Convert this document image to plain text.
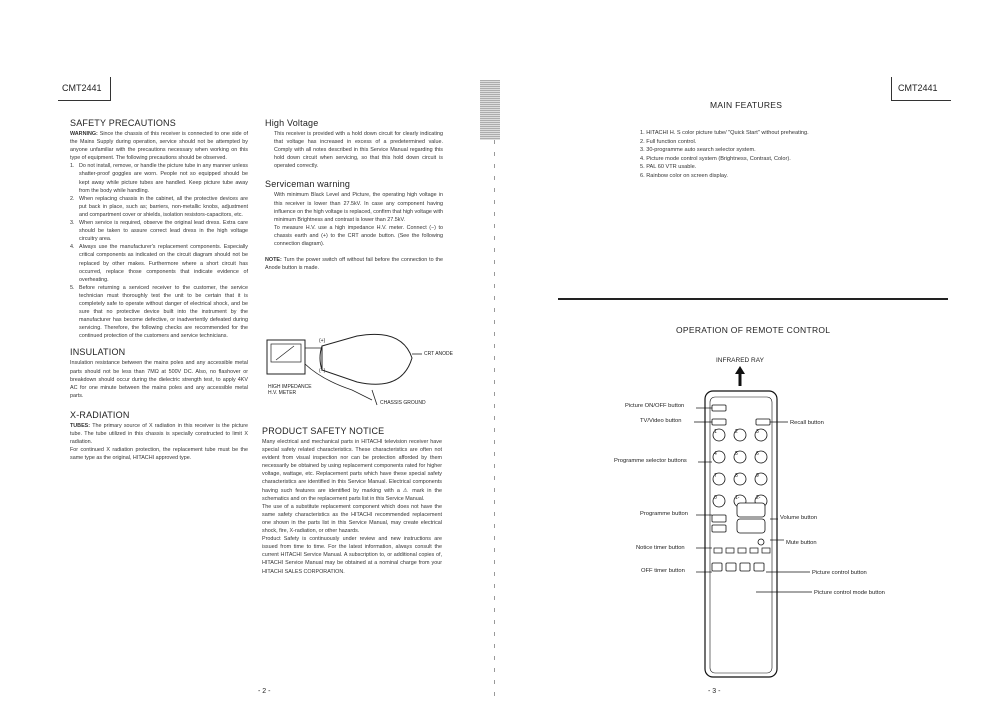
CMT2441
SAFETY PRECAUTIONS
WARNING: Since the chassis of this receiver is connected to one side of the Mains Supply during operation, service should not be attempted by anyone unfamiliar with the precautions necessary when working on this type of equipment. The following precautions should be observed.
1. Do not install, remove, or handle the picture tube in any manner unless shatter-proof goggles are worn. People not so equipped should be kept away while picture tubes are handled. Keep picture tube away from the body while handling.
2. When replacing chassis in the cabinet, all the protective devices are put back in place, such as; barriers, non-metallic knobs, adjustment and compartment cover or shields, isolation resistors-capacitors, etc.
3. When service is required, observe the original lead dress. Extra care should be taken to assure correct lead dress in the high voltage circuitry area.
4. Always use the manufacturer's replacement components. Especially critical components as indicated on the circuit diagram should not be replaced by other makes. Furthermore where a short circuit has occurred, replace those components that indicate evidence of overheating.
5. Before returning a serviced receiver to the customer, the service technician must thoroughly test the unit to be certain that it is completely safe to operate without danger of electrical shock, and be sure that no protective device built into the instrument by the manufacturer has become defective, or inadvertently defeated during servicing. Therefore, the following checks are recommended for the continued protection of the customers and service technicians.
INSULATION
Insulation resistance between the mains poles and any accessible metal parts should not be less than 7MΩ at 500V DC. Also, no flashover or breakdown should occur during the dielectric strength test, to apply 4KV AC for one minute between the mains poles and any accessible metal parts.
X-RADIATION

TUBES: The primary source of X radiation in this receiver is the picture tube. The tube utilized in this chassis is specially constructed to limit X radiation.

For continued X radiation protection, the replacement tube must be the same type as the original, HITACHI approved type.

High Voltage
This receiver is provided with a hold down circuit for clearly indicating that voltage has increased in excess of a predetermined value. Comply with all notes described in this Service Manual regarding this hold down circuit when servicing, so that this hold down circuit is operated correctly.
Serviceman warning

With minimum Black Level and Picture, the operating high voltage in this receiver is lower than 27.5kV. In case any component having influence on the high voltage is replaced, confirm that high voltage with minimum Brightness and contrast is lower than 27.5kV.

To measure H.V. use a high impedance H.V. meter. Connect (−) to chassis earth and (+) to the CRT anode button. (See the following connection diagram).

NOTE: Turn the power switch off without fail before the connection to the Anode button is made.
(+)
(−)
CRT ANODE
HIGH IMPEDANCE
H.V. METER
CHASSIS GROUND
PRODUCT SAFETY NOTICE

Many electrical and mechanical parts in HITACHI television receiver have special safety related characteristics. These characteristics are often not evident from visual inspection nor can be protection afforded by them necessarily be obtained by using replacement components rated for higher voltage, wattage, etc. Replacement parts which have these special safety characteristics are identified in this Service Manual. Electrical components having such features are identified by marking with a ⚠ mark in the schematics and on the replacement parts list in this Service Manual.

The use of a substitute replacement component which does not have the same safety characteristics as the HITACHI recommended replacement one shown in the parts list in this Service Manual, may create electrical shock, fire, X-radiation, or other hazards.

Product Safety is continuously under review and new instructions are issued from time to time. For the latest information, always consult the current HITACHI Service Manual. A subscription to, or additional copies of, HITACHI Service Manual may be obtained at a nominal charge from your HITACHI SALES CORPORATION.

- 2 -
CMT2441
MAIN FEATURES
1. HITACHI H. S color picture tube/ "Quick Start" without preheating.
2. Full function control.
3. 30-programme auto search selector system.
4. Picture mode control system (Brightness, Contrast, Color).
5. PAL 60 VTR usable.
6. Rainbow color on screen display.
OPERATION OF REMOTE CONTROL
INFRARED RAY
1	2	3
4	5	6
7	8	9
0	1-	2-
Picture ON/OFF button
TV/Video button
Programme selector buttons
Programme button
Notice timer button
OFF timer button
Recall button
Volume button
Mute button
Picture control button
Picture control mode button
- 3 -
